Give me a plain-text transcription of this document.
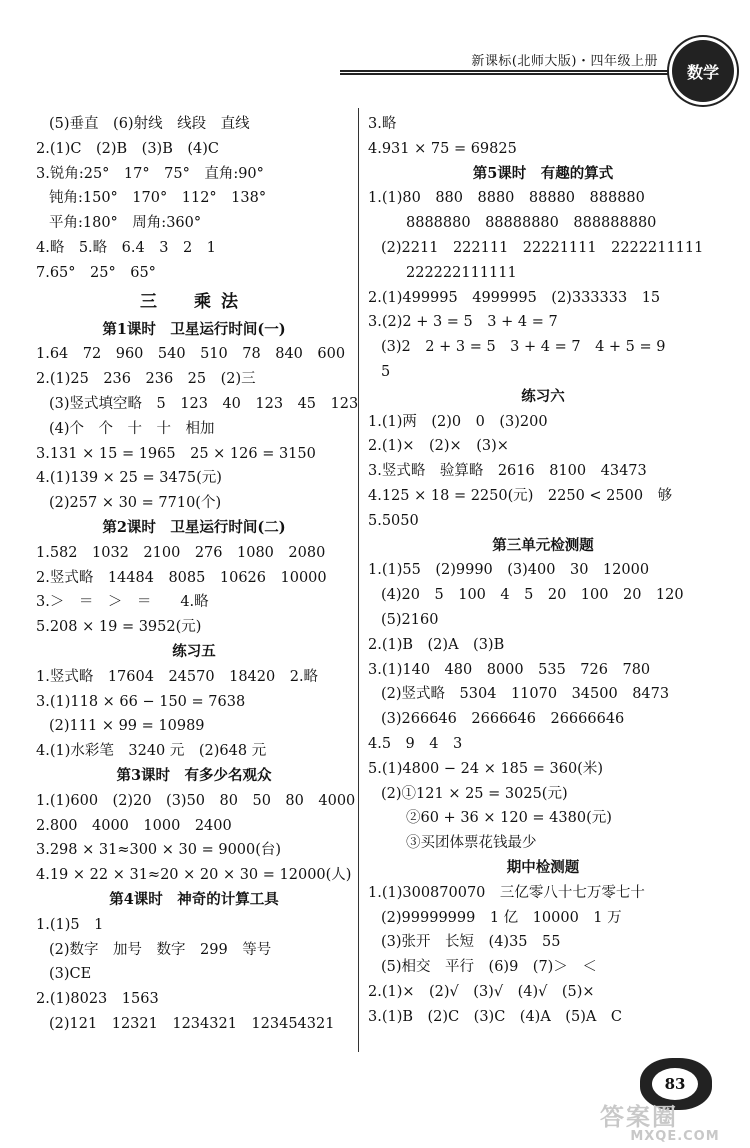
新课标(北师大版)・四年级上册
数学
(5)垂直　(6)射线　线段　直线
2.(1)C　(2)B　(3)B　(4)C
3.锐角:25°　17°　75°　直角:90°
钝角:150°　170°　112°　138°
平角:180°　周角:360°
4.略　5.略　6.4　3　2　1
7.65°　25°　65°
三　乘法
第1课时　卫星运行时间(一)
1.64　72　960　540　510　78　840　600
2.(1)25　236　236　25　(2)三
(3)竖式填空略　5　123　40　123　45　123
(4)个　个　十　十　相加
3.131 × 15 = 1965　25 × 126 = 3150
4.(1)139 × 25 = 3475(元)
(2)257 × 30 = 7710(个)
第2课时　卫星运行时间(二)
1.582　1032　2100　276　1080　2080
2.竖式略　14484　8085　10626　10000
3.＞　＝　＞　＝　　4.略
5.208 × 19 = 3952(元)
练习五
1.竖式略　17604　24570　18420　2.略
3.(1)118 × 66 − 150 = 7638
(2)111 × 99 = 10989
4.(1)水彩笔　3240 元　(2)648 元
第3课时　有多少名观众
1.(1)600　(2)20　(3)50　80　50　80　4000
2.800　4000　1000　2400
3.298 × 31≈300 × 30 = 9000(台)
4.19 × 22 × 31≈20 × 20 × 30 = 12000(人)
第4课时　神奇的计算工具
1.(1)5　1
(2)数字　加号　数字　299　等号
(3)CE
2.(1)8023　1563
(2)121　12321　1234321　123454321
3.略
4.931 × 75 = 69825
第5课时　有趣的算式
1.(1)80　880　8880　88880　888880
8888880　88888880　888888880
(2)2211　222111　22221111　2222211111
222222111111
2.(1)499995　4999995　(2)333333　15
3.(2)2 + 3 = 5　3 + 4 = 7
(3)2　2 + 3 = 5　3 + 4 = 7　4 + 5 = 9
5
练习六
1.(1)两　(2)0　0　(3)200
2.(1)×　(2)×　(3)×
3.竖式略　验算略　2616　8100　43473
4.125 × 18 = 2250(元)　2250 < 2500　够
5.5050
第三单元检测题
1.(1)55　(2)9990　(3)400　30　12000
(4)20　5　100　4　5　20　100　20　120
(5)2160
2.(1)B　(2)A　(3)B
3.(1)140　480　8000　535　726　780
(2)竖式略　5304　11070　34500　8473
(3)266646　2666646　26666646
4.5　9　4　3
5.(1)4800 − 24 × 185 = 360(米)
(2)①121 × 25 = 3025(元)
②60 + 36 × 120 = 4380(元)
③买团体票花钱最少
期中检测题
1.(1)300870070　三亿零八十七万零七十
(2)99999999　1 亿　10000　1 万
(3)张开　长短　(4)35　55
(5)相交　平行　(6)9　(7)＞　＜
2.(1)×　(2)√　(3)√　(4)√　(5)×
3.(1)B　(2)C　(3)C　(4)A　(5)A　C
83
答案圈
MXQE.COM
